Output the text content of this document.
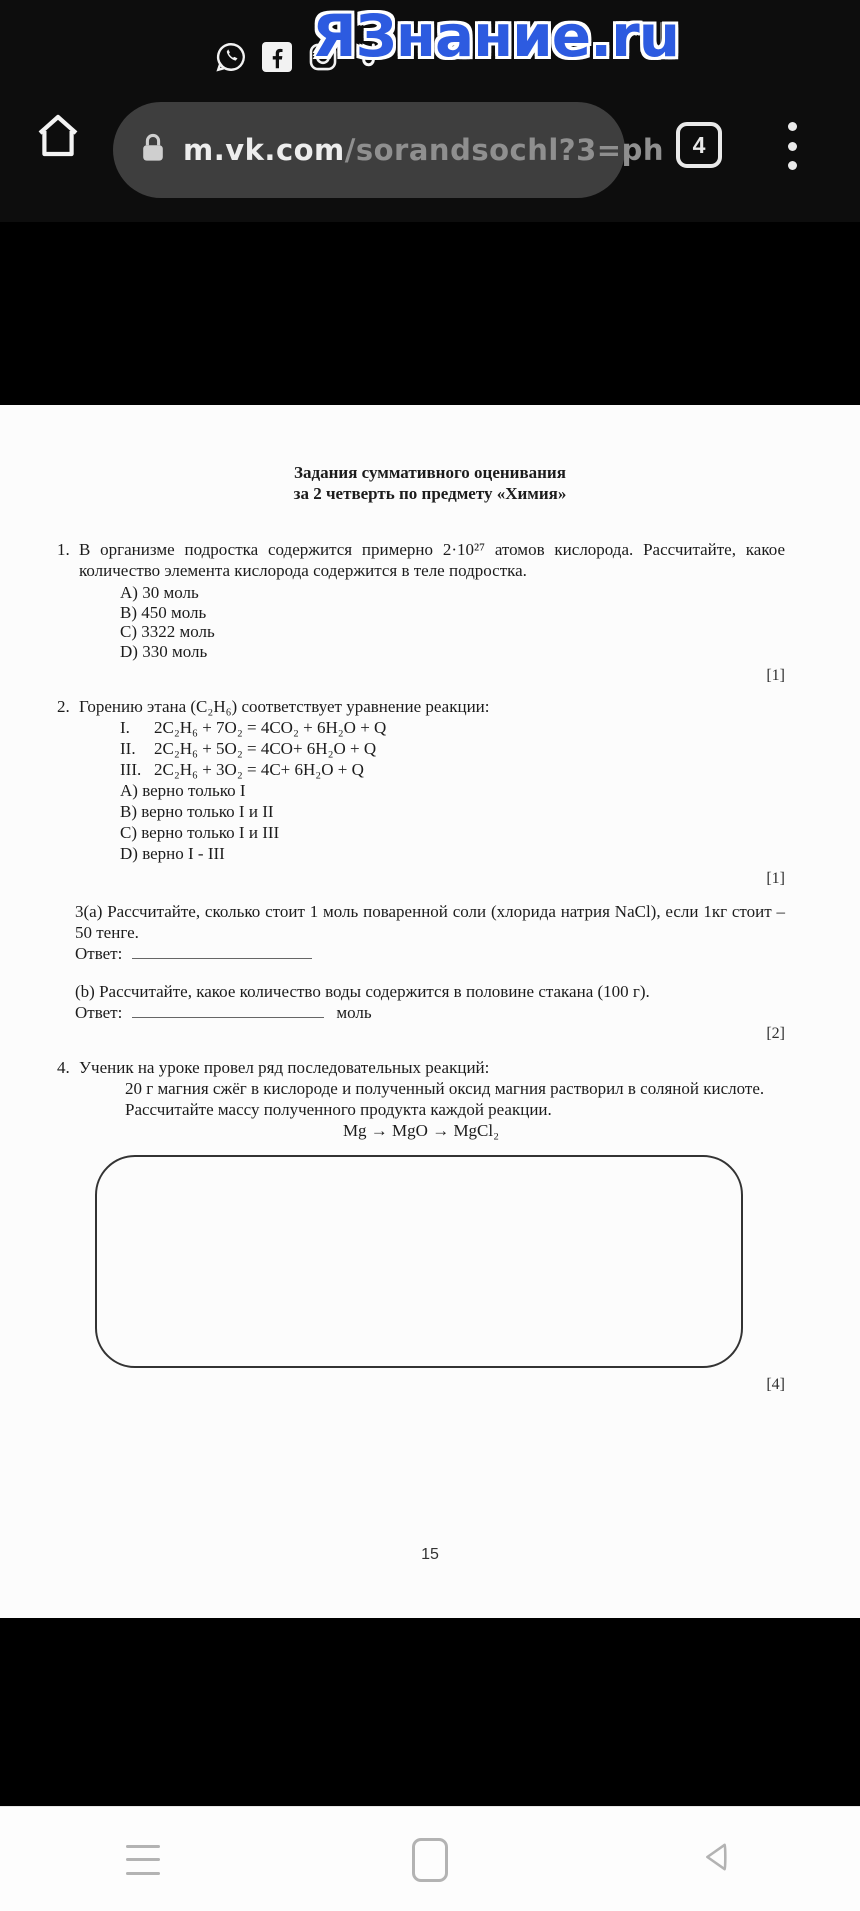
ЯЗнание.ru
m.vk.com/sorandsochl?3=ph 4
Задания суммативного оценивания
за 2 четверть по предмету «Химия»
1. В организме подростка содержится примерно 2·10²⁷ атомов кислорода. Рассчитайте, какое количество элемента кислорода содержится в теле подростка.
A) 30 моль
B) 450 моль
C) 3322 моль
D) 330 моль
[1]
2. Горению этана (C₂H₆) соответствует уравнение реакции:
I.	2C₂H₆ + 7O₂ = 4CO₂ + 6H₂O + Q
II.	2C₂H₆ + 5O₂ = 4CO+ 6H₂O + Q
III. 2C₂H₆ + 3O₂ = 4C+ 6H₂O + Q
A) верно только I
B) верно только I и II
C) верно только I и III
D) верно I - III
[1]
3(a) Рассчитайте, сколько стоит 1 моль поваренной соли (хлорида натрия NaCl), если 1кг стоит – 50 тенге.
Ответ:
(b) Рассчитайте, какое количество воды содержится в половине стакана (100 г).
Ответ:	моль
[2]
4. Ученик на уроке провел ряд последовательных реакций:
20 г магния сжёг в кислороде и полученный оксид магния растворил в соляной кислоте.
Рассчитайте массу полученного продукта каждой реакции.
Mg → MgO → MgCl₂
[4]
15
